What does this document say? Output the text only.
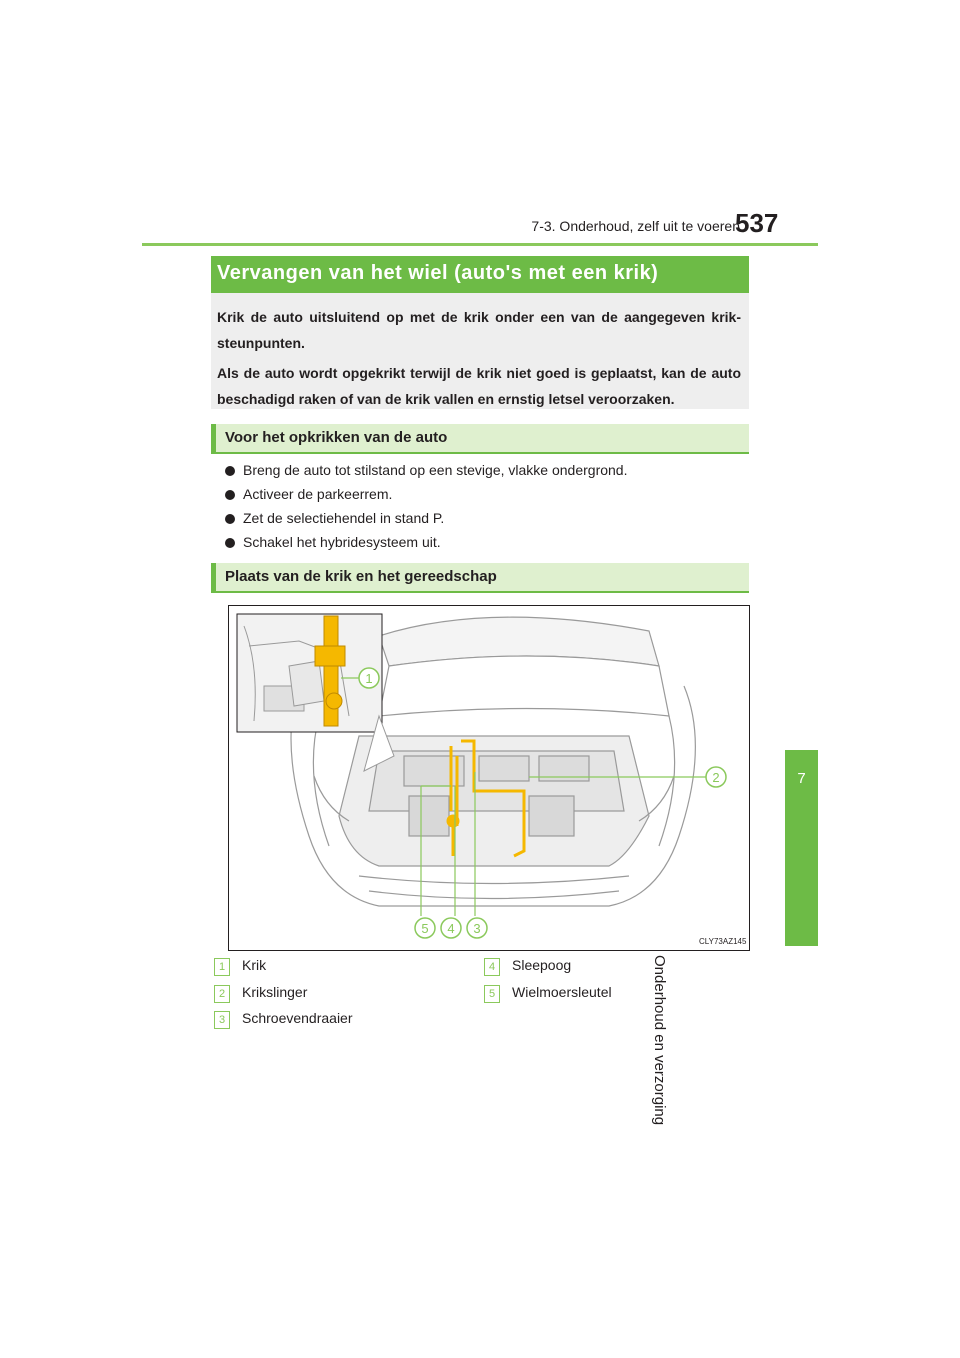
7-3. Onderhoud, zelf uit te voeren
537
7
Onderhoud en verzorging
Vervangen van het wiel (auto's met een krik)

Krik de auto uitsluitend op met de krik onder een van de aangegeven krik-steunpunten.

Als de auto wordt opgekrikt terwijl de krik niet goed is geplaatst, kan de auto beschadigd raken of van de krik vallen en ernstig letsel veroorzaken.

Voor het opkrikken van de auto
Breng de auto tot stilstand op een stevige, vlakke ondergrond.
Activeer de parkeerrem.
Zet de selectiehendel in stand P.
Schakel het hybridesysteem uit.
Plaats van de krik en het gereedschap
1
2
3
4
5
CLY73AZ145
1 Krik
2 Krikslinger
3 Schroevendraaier
4 Sleepoog
5 Wielmoersleutel
